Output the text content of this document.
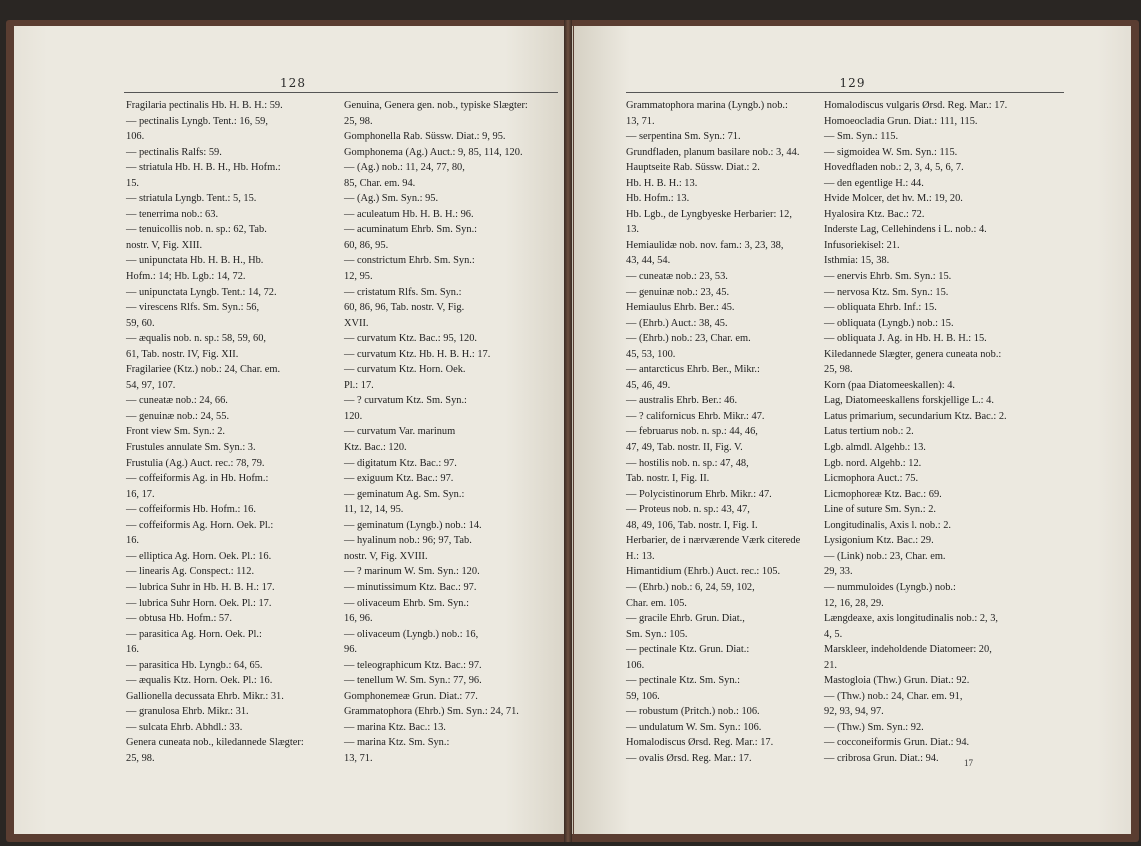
128
Fragilaria pectinalis Hb. H. B. H.: 59.
— pectinalis Lyngb. Tent.: 16, 59,
106.
— pectinalis Ralfs: 59.
— striatula Hb. H. B. H., Hb. Hofm.:
15.
— striatula Lyngb. Tent.: 5, 15.
— tenerrima nob.: 63.
— tenuicollis nob. n. sp.: 62, Tab.
nostr. V, Fig. XIII.
— unipunctata Hb. H. B. H., Hb.
Hofm.: 14; Hb. Lgb.: 14, 72.
— unipunctata Lyngb. Tent.: 14, 72.
— virescens Rlfs. Sm. Syn.: 56,
59, 60.
— æqualis nob. n. sp.: 58, 59, 60,
61, Tab. nostr. IV, Fig. XII.
Fragilariee (Ktz.) nob.: 24, Char. em.
54, 97, 107.
— cuneatæ nob.: 24, 66.
— genuinæ nob.: 24, 55.
Front view Sm. Syn.: 2.
Frustules annulate Sm. Syn.: 3.
Frustulia (Ag.) Auct. rec.: 78, 79.
— coffeiformis Ag. in Hb. Hofm.:
16, 17.
— coffeiformis Hb. Hofm.: 16.
— coffeiformis Ag. Horn. Oek. Pl.:
16.
— elliptica Ag. Horn. Oek. Pl.: 16.
— linearis Ag. Conspect.: 112.
— lubrica Suhr in Hb. H. B. H.: 17.
— lubrica Suhr Horn. Oek. Pl.: 17.
— obtusa Hb. Hofm.: 57.
— parasitica Ag. Horn. Oek. Pl.:
16.
— parasitica Hb. Lyngb.: 64, 65.
— æqualis Ktz. Horn. Oek. Pl.: 16.
Gallionella decussata Ehrb. Mikr.: 31.
— granulosa Ehrb. Mikr.: 31.
— sulcata Ehrb. Abhdl.: 33.
Genera cuneata nob., kiledannede Slægter:
25, 98.
Genuina, Genera gen. nob., typiske Slægter:
25, 98.
Gomphonella Rab. Süssw. Diat.: 9, 95.
Gomphonema (Ag.) Auct.: 9, 85, 114, 120.
— (Ag.) nob.: 11, 24, 77, 80,
85, Char. em. 94.
— (Ag.) Sm. Syn.: 95.
— aculeatum Hb. H. B. H.: 96.
— acuminatum Ehrb. Sm. Syn.:
60, 86, 95.
— constrictum Ehrb. Sm. Syn.:
12, 95.
— cristatum Rlfs. Sm. Syn.:
60, 86, 96, Tab. nostr. V, Fig.
XVII.
— curvatum Ktz. Bac.: 95, 120.
— curvatum Ktz. Hb. H. B. H.: 17.
— curvatum Ktz. Horn. Oek.
Pl.: 17.
— ? curvatum Ktz. Sm. Syn.:
120.
— curvatum Var. marinum
Ktz. Bac.: 120.
— digitatum Ktz. Bac.: 97.
— exiguum Ktz. Bac.: 97.
— geminatum Ag. Sm. Syn.:
11, 12, 14, 95.
— geminatum (Lyngb.) nob.: 14.
— hyalinum nob.: 96; 97, Tab.
nostr. V, Fig. XVIII.
— ? marinum W. Sm. Syn.: 120.
— minutissimum Ktz. Bac.: 97.
— olivaceum Ehrb. Sm. Syn.:
16, 96.
— olivaceum (Lyngb.) nob.: 16,
96.
— teleographicum Ktz. Bac.: 97.
— tenellum W. Sm. Syn.: 77, 96.
Gomphonemeæ Grun. Diat.: 77.
Grammatophora (Ehrb.) Sm. Syn.: 24, 71.
— marina Ktz. Bac.: 13.
— marina Ktz. Sm. Syn.:
13, 71.
129
Grammatophora marina (Lyngb.) nob.:
13, 71.
— serpentina Sm. Syn.: 71.
Grundfladen, planum basilare nob.: 3, 44.
Hauptseite Rab. Süssw. Diat.: 2.
Hb. H. B. H.: 13.
Hb. Hofm.: 13.
Hb. Lgb., de Lyngbyeske Herbarier: 12,
13.
Hemiaulidæ nob. nov. fam.: 3, 23, 38,
43, 44, 54.
— cuneatæ nob.: 23, 53.
— genuinæ nob.: 23, 45.
Hemiaulus Ehrb. Ber.: 45.
— (Ehrb.) Auct.: 38, 45.
— (Ehrb.) nob.: 23, Char. em.
45, 53, 100.
— antarcticus Ehrb. Ber., Mikr.:
45, 46, 49.
— australis Ehrb. Ber.: 46.
— ? californicus Ehrb. Mikr.: 47.
— februarus nob. n. sp.: 44, 46,
47, 49, Tab. nostr. II, Fig. V.
— hostilis nob. n. sp.: 47, 48,
Tab. nostr. I, Fig. II.
— Polycistinorum Ehrb. Mikr.: 47.
— Proteus nob. n. sp.: 43, 47,
48, 49, 106, Tab. nostr. I, Fig. I.
Herbarier, de i nærværende Værk citerede
H.: 13.
Himantidium (Ehrb.) Auct. rec.: 105.
— (Ehrb.) nob.: 6, 24, 59, 102,
Char. em. 105.
— gracile Ehrb. Grun. Diat.,
Sm. Syn.: 105.
— pectinale Ktz. Grun. Diat.:
106.
— pectinale Ktz. Sm. Syn.:
59, 106.
— robustum (Pritch.) nob.: 106.
— undulatum W. Sm. Syn.: 106.
Homalodiscus Ørsd. Reg. Mar.: 17.
— ovalis Ørsd. Reg. Mar.: 17.
Homalodiscus vulgaris Ørsd. Reg. Mar.: 17.
Homoeocladia Grun. Diat.: 111, 115.
— Sm. Syn.: 115.
— sigmoidea W. Sm. Syn.: 115.
Hovedfladen nob.: 2, 3, 4, 5, 6, 7.
— den egentlige H.: 44.
Hvide Molcer, det hv. M.: 19, 20.
Hyalosira Ktz. Bac.: 72.
Inderste Lag, Cellehindens i L. nob.: 4.
Infusoriekisel: 21.
Isthmia: 15, 38.
— enervis Ehrb. Sm. Syn.: 15.
— nervosa Ktz. Sm. Syn.: 15.
— obliquata Ehrb. Inf.: 15.
— obliquata (Lyngb.) nob.: 15.
— obliquata J. Ag. in Hb. H. B. H.: 15.
Kiledannede Slægter, genera cuneata nob.:
25, 98.
Korn (paa Diatomeeskallen): 4.
Lag, Diatomeeskallens forskjellige L.: 4.
Latus primarium, secundarium Ktz. Bac.: 2.
Latus tertium nob.: 2.
Lgb. almdl. Algehb.: 13.
Lgb. nord. Algehb.: 12.
Licmophora Auct.: 75.
Licmophoreæ Ktz. Bac.: 69.
Line of suture Sm. Syn.: 2.
Longitudinalis, Axis l. nob.: 2.
Lysigonium Ktz. Bac.: 29.
— (Link) nob.: 23, Char. em.
29, 33.
— nummuloides (Lyngb.) nob.:
12, 16, 28, 29.
Længdeaxe, axis longitudinalis nob.: 2, 3,
4, 5.
Marskleer, indeholdende Diatomeer: 20,
21.
Mastogloia (Thw.) Grun. Diat.: 92.
— (Thw.) nob.: 24, Char. em. 91,
92, 93, 94, 97.
— (Thw.) Sm. Syn.: 92.
— cocconeiformis Grun. Diat.: 94.
— cribrosa Grun. Diat.: 94.	17
